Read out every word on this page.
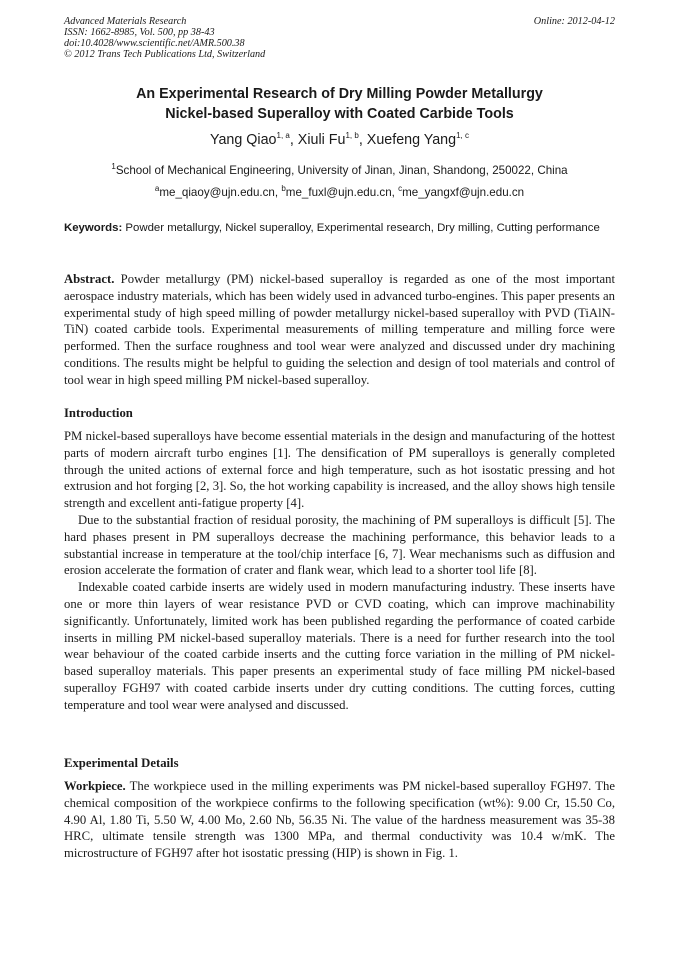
Advanced Materials Research
ISSN: 1662-8985, Vol. 500, pp 38-43
doi:10.4028/www.scientific.net/AMR.500.38
© 2012 Trans Tech Publications Ltd, Switzerland
Online: 2012-04-12
An Experimental Research of Dry Milling Powder Metallurgy
Nickel-based Superalloy with Coated Carbide Tools
Yang Qiao$^{1, a}$, Xiuli Fu$^{1, b}$, Xuefeng Yang$^{1, c}$
$^1$School of Mechanical Engineering, University of Jinan, Jinan, Shandong, 250022, China
$^a$me_qiaoy@ujn.edu.cn, $^b$me_fuxl@ujn.edu.cn, $^c$me_yangxf@ujn.edu.cn
Keywords: Powder metallurgy, Nickel superalloy, Experimental research, Dry milling, Cutting performance

Abstract. Powder metallurgy (PM) nickel-based superalloy is regarded as one of the most important aerospace industry materials, which has been widely used in advanced turbo-engines. This paper presents an experimental study of high speed milling of powder metallurgy nickel-based superalloy with PVD (TiAlN-TiN) coated carbide tools. Experimental measurements of milling temperature and milling force were performed. Then the surface roughness and tool wear were analyzed and discussed under dry machining conditions. The results might be helpful to guiding the selection and design of tool materials and control of tool wear in high speed milling PM nickel-based superalloy.

Introduction

PM nickel-based superalloys have become essential materials in the design and manufacturing of the hottest parts of modern aircraft turbo engines [1]. The densification of PM superalloys is generally completed through the united actions of external force and high temperature, such as hot isostatic pressing and hot extrusion and hot forging [2, 3]. So, the hot working capability is increased, and the alloy shows high tensile strength and excellent anti-fatigue property [4].

Due to the substantial fraction of residual porosity, the machining of PM superalloys is difficult [5]. The hard phases present in PM superalloys decrease the machining performance, this behavior leads to a substantial increase in temperature at the tool/chip interface [6, 7]. Wear mechanisms such as diffusion and erosion accelerate the formation of crater and flank wear, which lead to a shorter tool life [8].

Indexable coated carbide inserts are widely used in modern manufacturing industry. These inserts have one or more thin layers of wear resistance PVD or CVD coating, which can improve machinability significantly. Unfortunately, limited work has been published regarding the performance of coated carbide inserts in milling PM nickel-based superalloy materials. There is a need for further research into the tool wear behaviour of the coated carbide inserts and the cutting force variation in the milling of PM nickel-based superalloy materials. This paper presents an experimental study of face milling PM nickel-based superalloy FGH97 with coated carbide inserts under dry cutting conditions. The cutting forces, cutting temperature and tool wear were analysed and discussed.

Experimental Details

Workpiece. The workpiece used in the milling experiments was PM nickel-based superalloy FGH97. The chemical composition of the workpiece confirms to the following specification (wt%): 9.00 Cr, 15.50 Co, 4.90 Al, 1.80 Ti, 5.50 W, 4.00 Mo, 2.60 Nb, 56.35 Ni. The value of the hardness measurement was 35-38 HRC, ultimate tensile strength was 1300 MPa, and thermal conductivity was 10.4 w/mK. The microstructure of FGH97 after hot isostatic pressing (HIP) is shown in Fig. 1.
